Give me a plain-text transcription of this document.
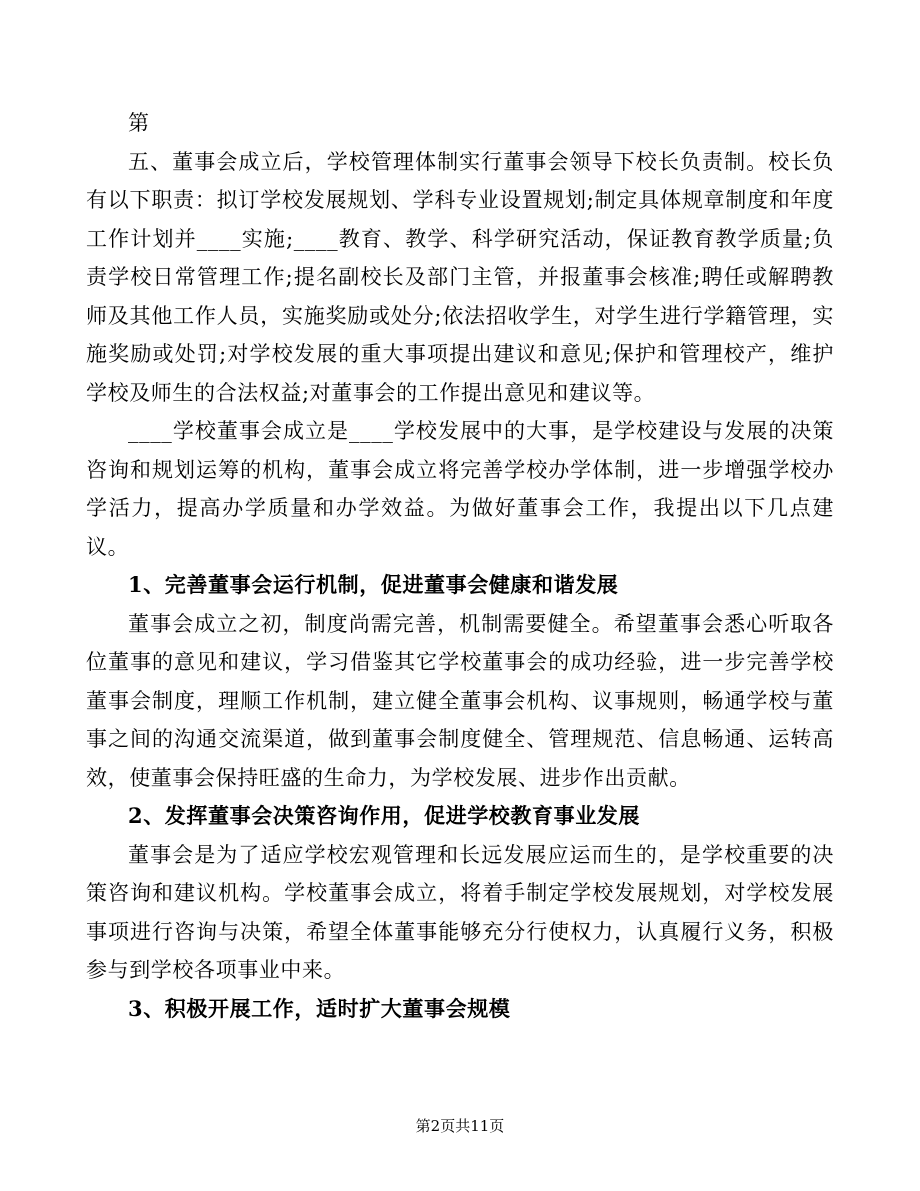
第

五、董事会成立后，学校管理体制实行董事会领导下校长负责制。校长负有以下职责：拟订学校发展规划、学科专业设置规划;制定具体规章制度和年度工作计划并____实施;____教育、教学、科学研究活动，保证教育教学质量;负责学校日常管理工作;提名副校长及部门主管，并报董事会核准;聘任或解聘教师及其他工作人员，实施奖励或处分;依法招收学生，对学生进行学籍管理，实施奖励或处罚;对学校发展的重大事项提出建议和意见;保护和管理校产，维护学校及师生的合法权益;对董事会的工作提出意见和建议等。

____学校董事会成立是____学校发展中的大事，是学校建设与发展的决策咨询和规划运筹的机构，董事会成立将完善学校办学体制，进一步增强学校办学活力，提高办学质量和办学效益。为做好董事会工作，我提出以下几点建议。

1、完善董事会运行机制，促进董事会健康和谐发展

董事会成立之初，制度尚需完善，机制需要健全。希望董事会悉心听取各位董事的意见和建议，学习借鉴其它学校董事会的成功经验，进一步完善学校董事会制度，理顺工作机制，建立健全董事会机构、议事规则，畅通学校与董事之间的沟通交流渠道，做到董事会制度健全、管理规范、信息畅通、运转高效，使董事会保持旺盛的生命力，为学校发展、进步作出贡献。

2、发挥董事会决策咨询作用，促进学校教育事业发展

董事会是为了适应学校宏观管理和长远发展应运而生的，是学校重要的决策咨询和建议机构。学校董事会成立，将着手制定学校发展规划，对学校发展事项进行咨询与决策，希望全体董事能够充分行使权力，认真履行义务，积极参与到学校各项事业中来。

3、积极开展工作，适时扩大董事会规模

第2页共11页
